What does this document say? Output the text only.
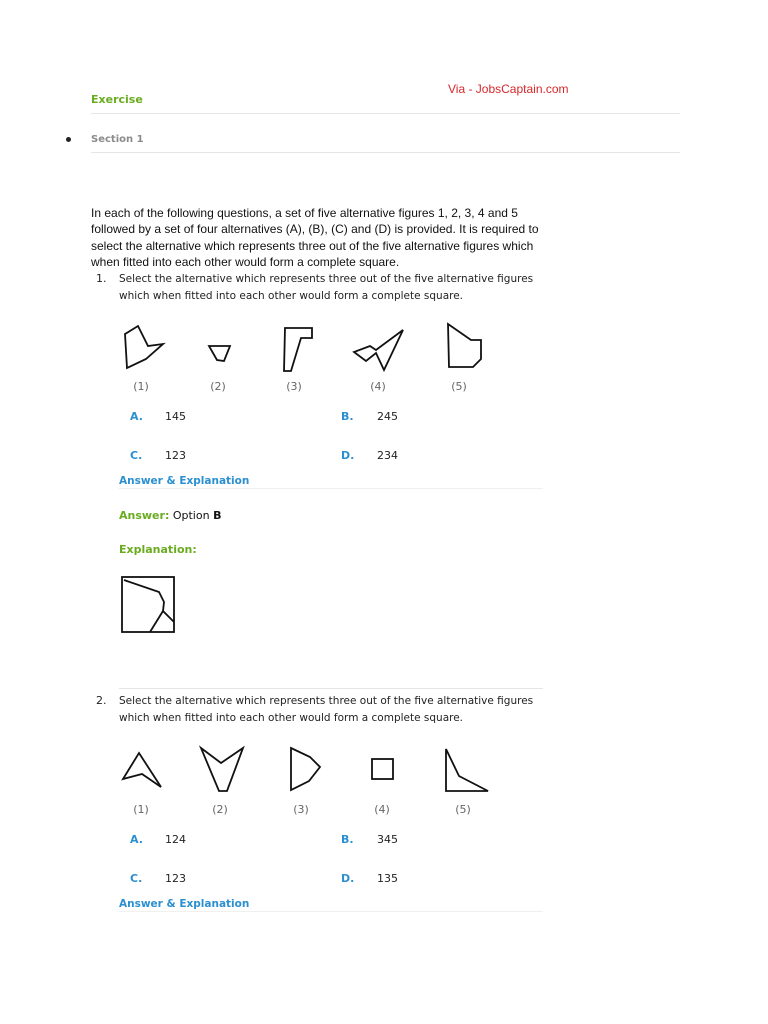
Via - JobsCaptain.com
Exercise
Section 1
In each of the following questions, a set of five alternative figures 1, 2, 3, 4 and 5 followed by a set of four alternatives (A), (B), (C) and (D) is provided. It is required to select the alternative which represents three out of the five alternative figures which when fitted into each other would form a complete square.
1. Select the alternative which represents three out of the five alternative figures which when fitted into each other would form a complete square.
(1)	(2)	(3)	(4)	(5)
A. 145	B. 245
C. 123	D. 234
Answer & Explanation
Answer: Option B
Explanation:
2. Select the alternative which represents three out of the five alternative figures which when fitted into each other would form a complete square.
(1)	(2)	(3)	(4)	(5)
A. 124	B. 345
C. 123	D. 135
Answer & Explanation
